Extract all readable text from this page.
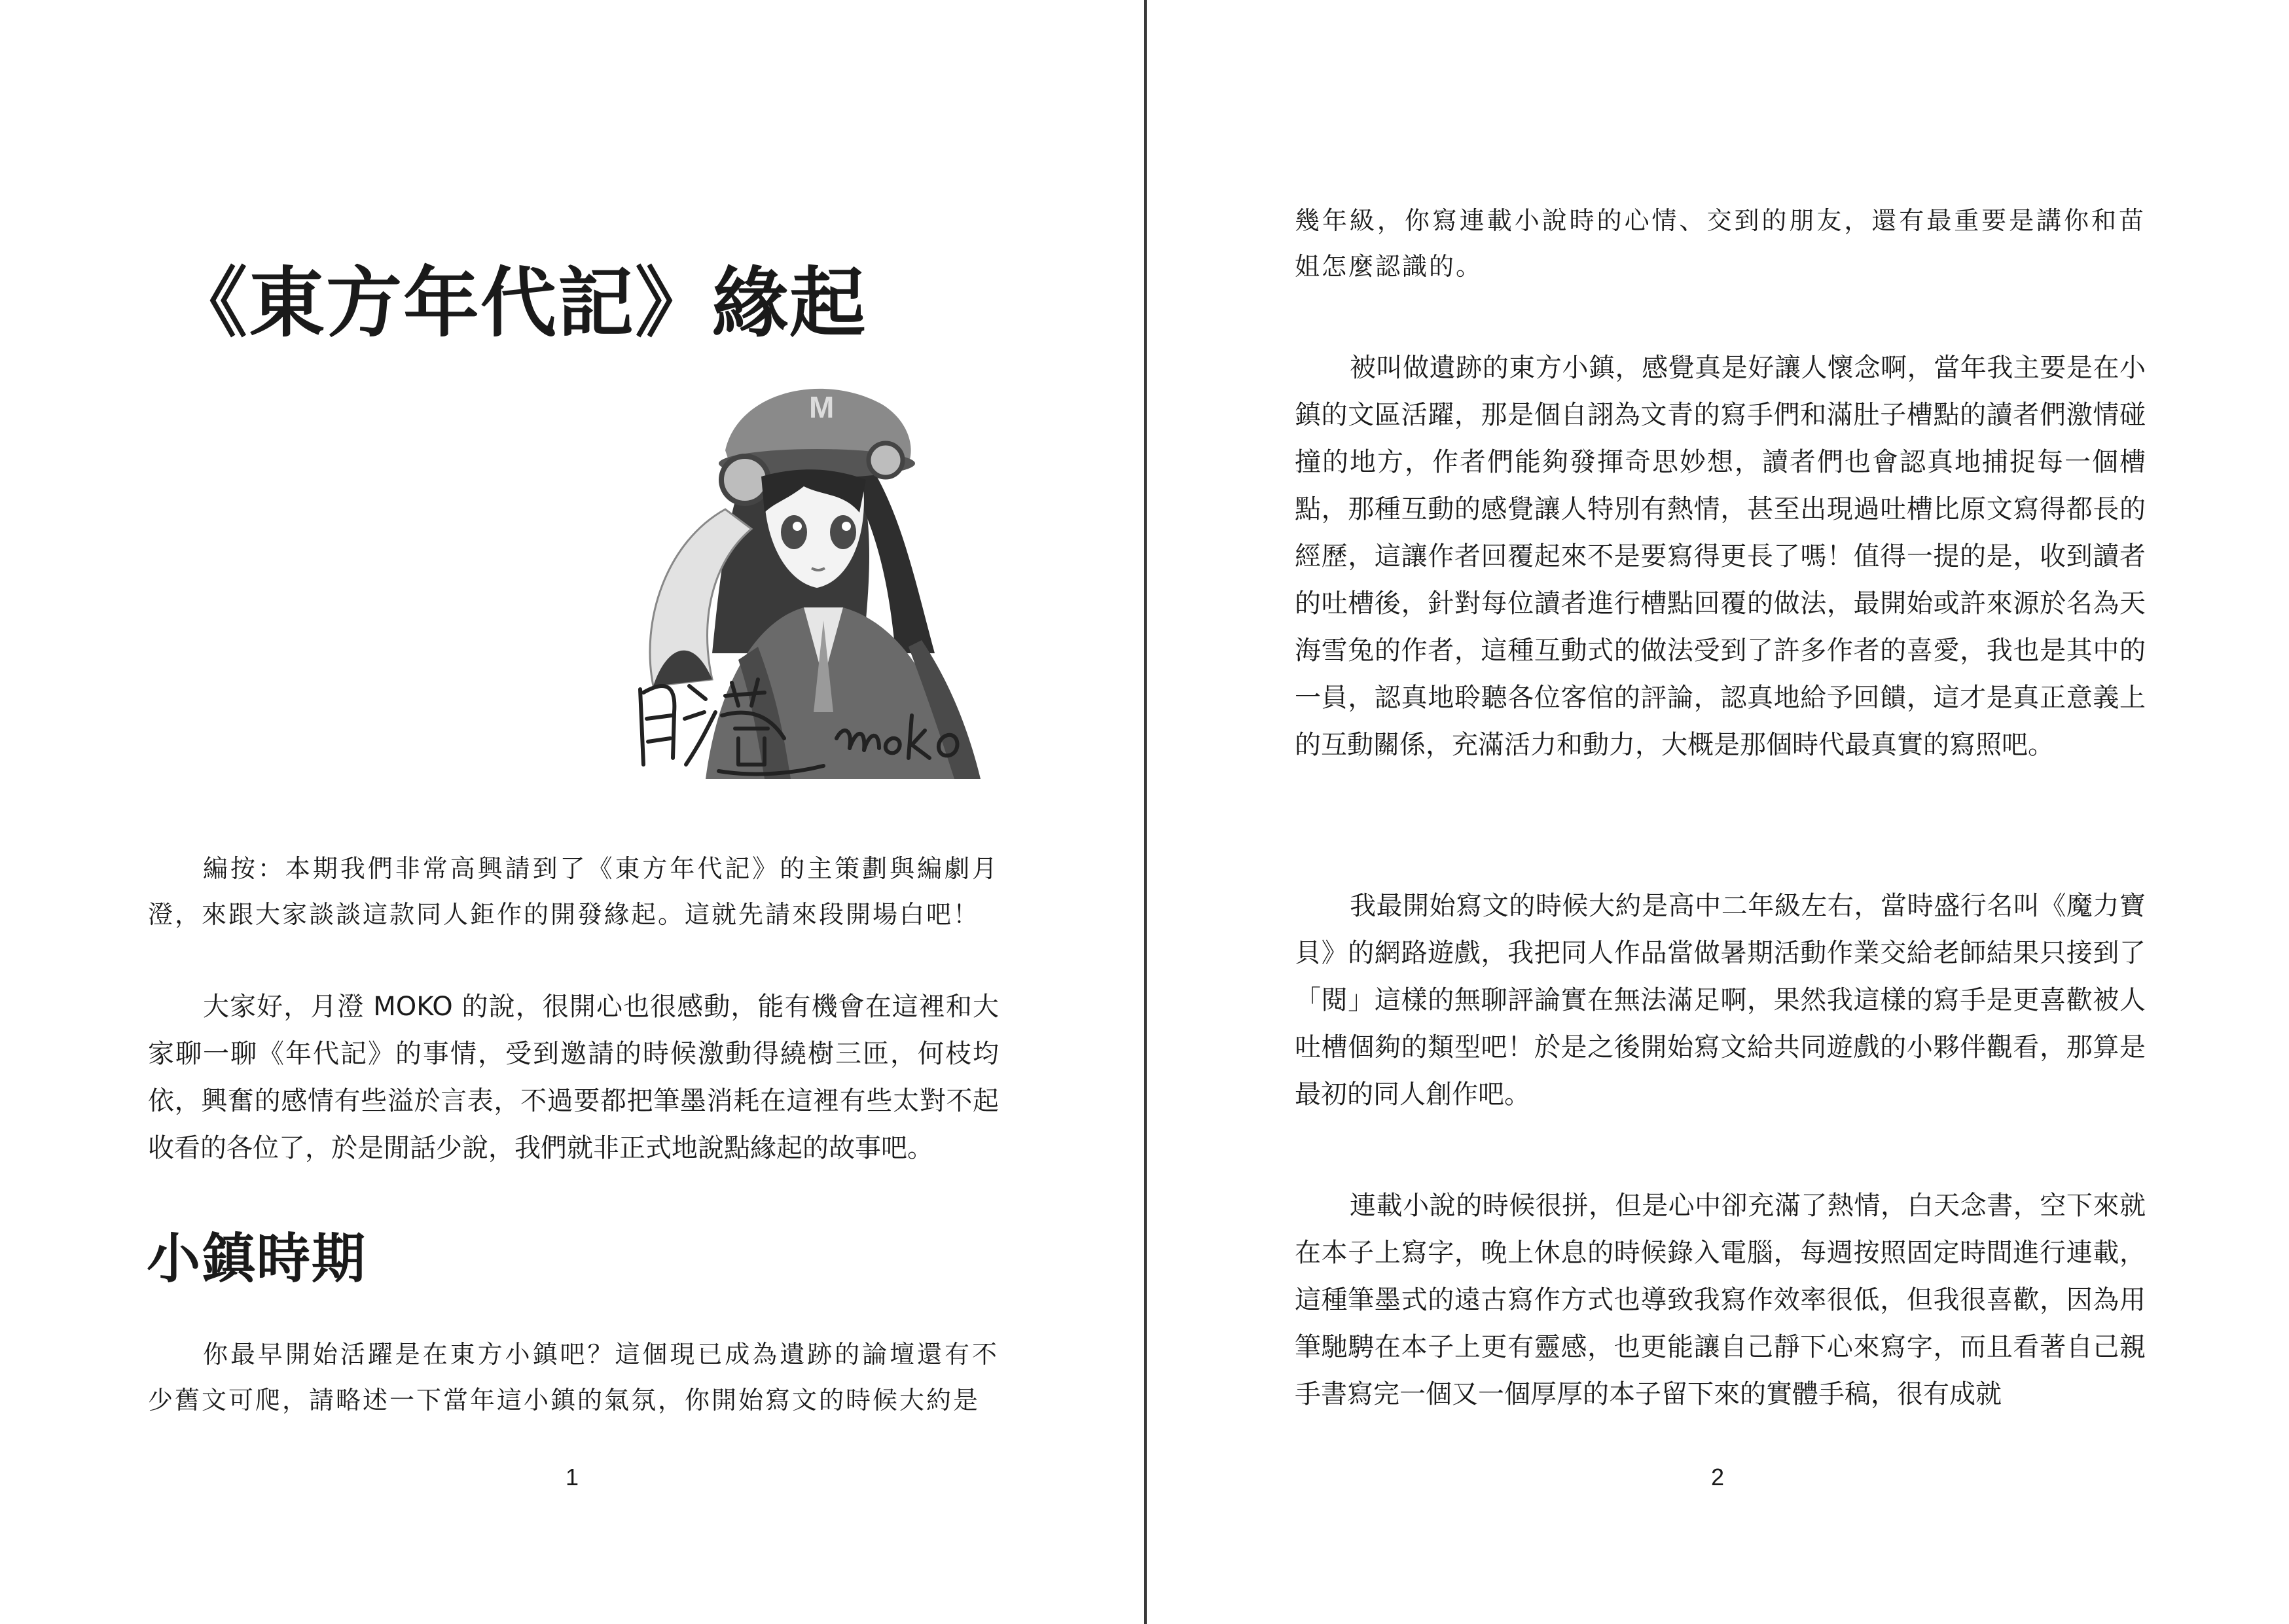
《東方年代記》緣起
M

編按：本期我們非常高興請到了《東方年代記》的主策劃與編劇月澄，來跟大家談談這款同人鉅作的開發緣起。這就先請來段開場白吧！

大家好，月澄 MOKO 的說，很開心也很感動，能有機會在這裡和大家聊一聊《年代記》的事情，受到邀請的時候激動得繞樹三匝，何枝均依，興奮的感情有些溢於言表，不過要都把筆墨消耗在這裡有些太對不起收看的各位了，於是閒話少說，我們就非正式地說點緣起的故事吧。

小鎮時期

你最早開始活躍是在東方小鎮吧？這個現已成為遺跡的論壇還有不少舊文可爬，請略述一下當年這小鎮的氣氛，你開始寫文的時候大約是

1

幾年級，你寫連載小說時的心情、交到的朋友，還有最重要是講你和苗姐怎麼認識的。

被叫做遺跡的東方小鎮，感覺真是好讓人懷念啊，當年我主要是在小鎮的文區活躍，那是個自詡為文青的寫手們和滿肚子槽點的讀者們激情碰撞的地方，作者們能夠發揮奇思妙想，讀者們也會認真地捕捉每一個槽點，那種互動的感覺讓人特別有熱情，甚至出現過吐槽比原文寫得都長的經歷，這讓作者回覆起來不是要寫得更長了嗎！值得一提的是，收到讀者的吐槽後，針對每位讀者進行槽點回覆的做法，最開始或許來源於名為天海雪兔的作者，這種互動式的做法受到了許多作者的喜愛，我也是其中的一員，認真地聆聽各位客倌的評論，認真地給予回饋，這才是真正意義上的互動關係，充滿活力和動力，大概是那個時代最真實的寫照吧。

我最開始寫文的時候大約是高中二年級左右，當時盛行名叫《魔力寶貝》的網路遊戲，我把同人作品當做暑期活動作業交給老師結果只接到了「閱」這樣的無聊評論實在無法滿足啊，果然我這樣的寫手是更喜歡被人吐槽個夠的類型吧！於是之後開始寫文給共同遊戲的小夥伴觀看，那算是最初的同人創作吧。

連載小說的時候很拼，但是心中卻充滿了熱情，白天念書，空下來就在本子上寫字，晚上休息的時候錄入電腦，每週按照固定時間進行連載，這種筆墨式的遠古寫作方式也導致我寫作效率很低，但我很喜歡，因為用筆馳騁在本子上更有靈感，也更能讓自己靜下心來寫字，而且看著自己親手書寫完一個又一個厚厚的本子留下來的實體手稿，很有成就

2
